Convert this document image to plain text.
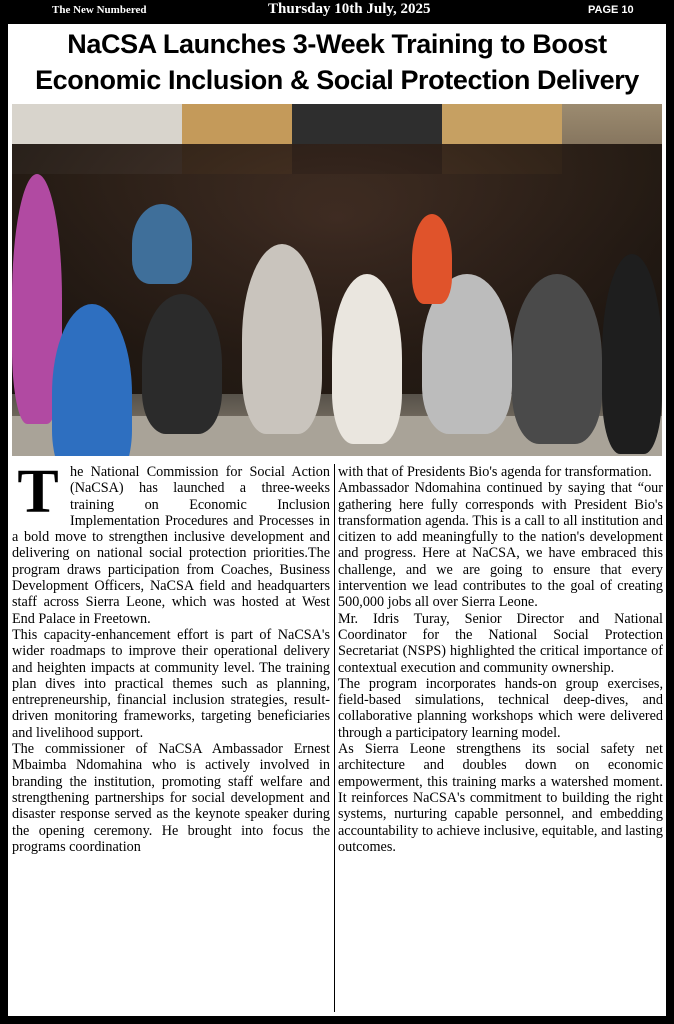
The New Numbered	Thursday 10th July, 2025	PAGE 10
NaCSA Launches 3-Week Training to Boost
Economic Inclusion & Social Protection Delivery

The National Commission for Social Action (NaCSA) has launched a three-weeks training on Economic Inclusion Implementation Procedures and Processes in a bold move to strengthen inclusive development and delivering on national social protection priorities.The program draws participation from Coaches, Business Development Officers, NaCSA field and headquarters staff across Sierra Leone, which was hosted at West End Palace in Freetown.

This capacity-enhancement effort is part of NaCSA's wider roadmaps to improve their operational delivery and heighten impacts at community level. The training plan dives into practical themes such as planning, entrepreneurship, financial inclusion strategies, result-driven monitoring frameworks, targeting beneficiaries and livelihood support.

The commissioner of NaCSA Ambassador Ernest Mbaimba Ndomahina who is actively involved in branding the institution, promoting staff welfare and strengthening partnerships for social development and disaster response served as the keynote speaker during the opening ceremony. He brought into focus the programs coordination

with that of Presidents Bio's agenda for transformation.

Ambassador Ndomahina continued by saying that “our gathering here fully corresponds with President Bio's transformation agenda. This is a call to all institution and citizen to add meaningfully to the nation's development and progress. Here at NaCSA, we have embraced this challenge, and we are going to ensure that every intervention we lead contributes to the goal of creating 500,000 jobs all over Sierra Leone.

Mr. Idris Turay, Senior Director and National Coordinator for the National Social Protection Secretariat (NSPS) highlighted the critical importance of contextual execution and community ownership.

The program incorporates hands-on group exercises, field-based simulations, technical deep-dives, and collaborative planning workshops which were delivered through a participatory learning model.

As Sierra Leone strengthens its social safety net architecture and doubles down on economic empowerment, this training marks a watershed moment. It reinforces NaCSA's commitment to building the right systems, nurturing capable personnel, and embedding accountability to achieve inclusive, equitable, and lasting outcomes.
